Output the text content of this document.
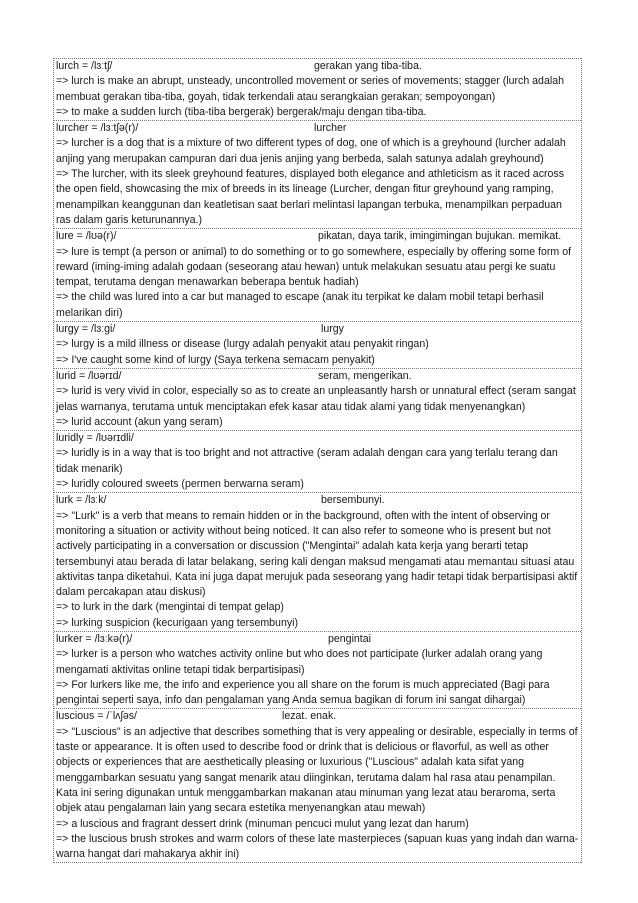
lurch = /lɜːtʃ/	gerakan yang tiba-tiba.

=> lurch is make an abrupt, unsteady, uncontrolled movement or series of movements; stagger (lurch adalah membuat gerakan tiba-tiba, goyah, tidak terkendali atau serangkaian gerakan; sempoyongan)

=> to make a sudden lurch (tiba-tiba bergerak) bergerak/maju dengan tiba-tiba.

lurcher = /lɜːtʃə(r)/	lurcher

=> lurcher is a dog that is a mixture of two different types of dog, one of which is a greyhound (lurcher adalah anjing yang merupakan campuran dari dua jenis anjing yang berbeda, salah satunya adalah greyhound)

=> The lurcher, with its sleek greyhound features, displayed both elegance and athleticism as it raced across the open field, showcasing the mix of breeds in its lineage (Lurcher, dengan fitur greyhound yang ramping, menampilkan keanggunan dan keatletisan saat berlari melintasi lapangan terbuka, menampilkan perpaduan ras dalam garis keturunannya.)

lure = /lʊə(r)/	pikatan, daya tarik, imingimingan bujukan. memikat.

=> lure is tempt (a person or animal) to do something or to go somewhere, especially by offering some form of reward (iming-iming adalah godaan (seseorang atau hewan) untuk melakukan sesuatu atau pergi ke suatu tempat, terutama dengan menawarkan beberapa bentuk hadiah)

=> the child was lured into a car but managed to escape (anak itu terpikat ke dalam mobil tetapi berhasil melarikan diri)

lurgy = /lɜːgi/	lurgy

=> lurgy is a mild illness or disease (lurgy adalah penyakit atau penyakit ringan)

=> I've caught some kind of lurgy (Saya terkena semacam penyakit)

lurid = /lʊərɪd/	seram, mengerikan.

=> lurid is very vivid in color, especially so as to create an unpleasantly harsh or unnatural effect (seram sangat jelas warnanya, terutama untuk menciptakan efek kasar atau tidak alami yang tidak menyenangkan)

=> lurid account (akun yang seram)

luridly = /lʊərɪdli/

=> luridly is in a way that is too bright and not attractive (seram adalah dengan cara yang terlalu terang dan tidak menarik)

=> luridly coloured sweets (permen berwarna seram)

lurk = /lɜːk/	bersembunyi.

=> "Lurk" is a verb that means to remain hidden or in the background, often with the intent of observing or monitoring a situation or activity without being noticed. It can also refer to someone who is present but not actively participating in a conversation or discussion ("Mengintai" adalah kata kerja yang berarti tetap tersembunyi atau berada di latar belakang, sering kali dengan maksud mengamati atau memantau situasi atau aktivitas tanpa diketahui. Kata ini juga dapat merujuk pada seseorang yang hadir tetapi tidak berpartisipasi aktif dalam percakapan atau diskusi)

=> to lurk in the dark (mengintai di tempat gelap)

=> lurking suspicion (kecurigaan yang tersembunyi)

lurker = /lɜːkə(r)/	pengintai

=> lurker is a person who watches activity online but who does not participate (lurker adalah orang yang mengamati aktivitas online tetapi tidak berpartisipasi)

=> For lurkers like me, the info and experience you all share on the forum is much appreciated (Bagi para pengintai seperti saya, info dan pengalaman yang Anda semua bagikan di forum ini sangat dihargai)

luscious = /ˈlʌʃəs/	lezat. enak.

=> "Luscious" is an adjective that describes something that is very appealing or desirable, especially in terms of taste or appearance. It is often used to describe food or drink that is delicious or flavorful, as well as other objects or experiences that are aesthetically pleasing or luxurious ("Luscious" adalah kata sifat yang menggambarkan sesuatu yang sangat menarik atau diinginkan, terutama dalam hal rasa atau penampilan. Kata ini sering digunakan untuk menggambarkan makanan atau minuman yang lezat atau beraroma, serta objek atau pengalaman lain yang secara estetika menyenangkan atau mewah)

=> a luscious and fragrant dessert drink (minuman pencuci mulut yang lezat dan harum)

=> the luscious brush strokes and warm colors of these late masterpieces (sapuan kuas yang indah dan warna-warna hangat dari mahakarya akhir ini)
